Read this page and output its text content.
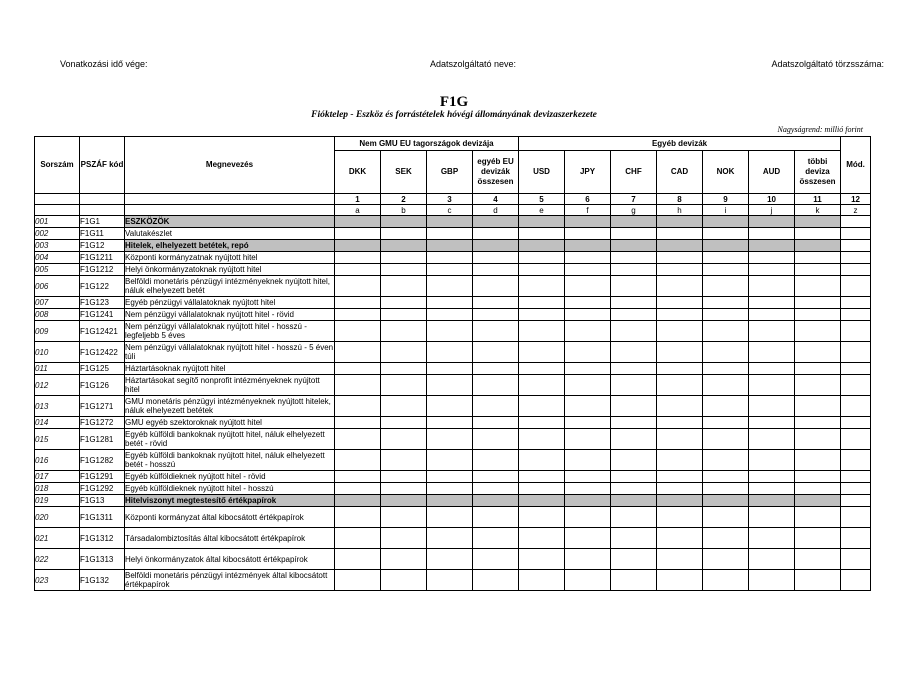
Vonatkozási idő vége:	Adatszolgáltató neve:	Adatszolgáltató törzsszáma:
F1G
Fióktelep - Eszköz és forrástételek hóvégi állományának devizaszerkezete
Nagyságrend: millió forint
Sorszám	PSZÁF kód	Megnevezés	Nem GMU EU tagországok devizája				Egyéb devizák							Mód.
			DKK	SEK	GBP	egyéb EU devizák összesen	USD	JPY	CHF	CAD	NOK	AUD	többi deviza összesen	
			1	2	3	4	5	6	7	8	9	10	11	12
			a	b	c	d	e	f	g	h	i	j	k	z
001	F1G1	ESZKÖZÖK												
002	F1G11	Valutakészlet												
003	F1G12	Hitelek, elhelyezett betétek, repó												
004	F1G1211	Központi kormányzatnak nyújtott hitel												
005	F1G1212	Helyi önkormányzatoknak nyújtott hitel												
006	F1G122	Belföldi monetáris pénzügyi intézményeknek nyújtott hitel, náluk elhelyezett betét												
007	F1G123	Egyéb pénzügyi vállalatoknak nyújtott hitel												
008	F1G1241	Nem pénzügyi vállalatoknak nyújtott hitel - rövid												
009	F1G12421	Nem pénzügyi vállalatoknak nyújtott hitel - hosszú - legfeljebb 5 éves												
010	F1G12422	Nem pénzügyi vállalatoknak nyújtott hitel - hosszú - 5 éven túli												
011	F1G125	Háztartásoknak nyújtott hitel												
012	F1G126	Háztartásokat segítő nonprofit intézményeknek nyújtott hitel												
013	F1G1271	GMU monetáris pénzügyi intézményeknek nyújtott hitelek, náluk elhelyezett betétek												
014	F1G1272	GMU egyéb szektoroknak nyújtott hitel												
015	F1G1281	Egyéb külföldi bankoknak nyújtott hitel, náluk elhelyezett betét - rövid												
016	F1G1282	Egyéb külföldi bankoknak nyújtott hitel, náluk elhelyezett betét - hosszú												
017	F1G1291	Egyéb külföldieknek nyújtott hitel - rövid												
018	F1G1292	Egyéb külföldieknek nyújtott hitel - hosszú												
019	F1G13	Hitelviszonyt megtestesítő értékpapírok												
020	F1G1311	Központi kormányzat által kibocsátott értékpapírok												
021	F1G1312	Társadalombiztosítás által kibocsátott értékpapírok												
022	F1G1313	Helyi önkormányzatok által kibocsátott értékpapírok												
023	F1G132	Belföldi monetáris pénzügyi intézmények által kibocsátott értékpapírok												
